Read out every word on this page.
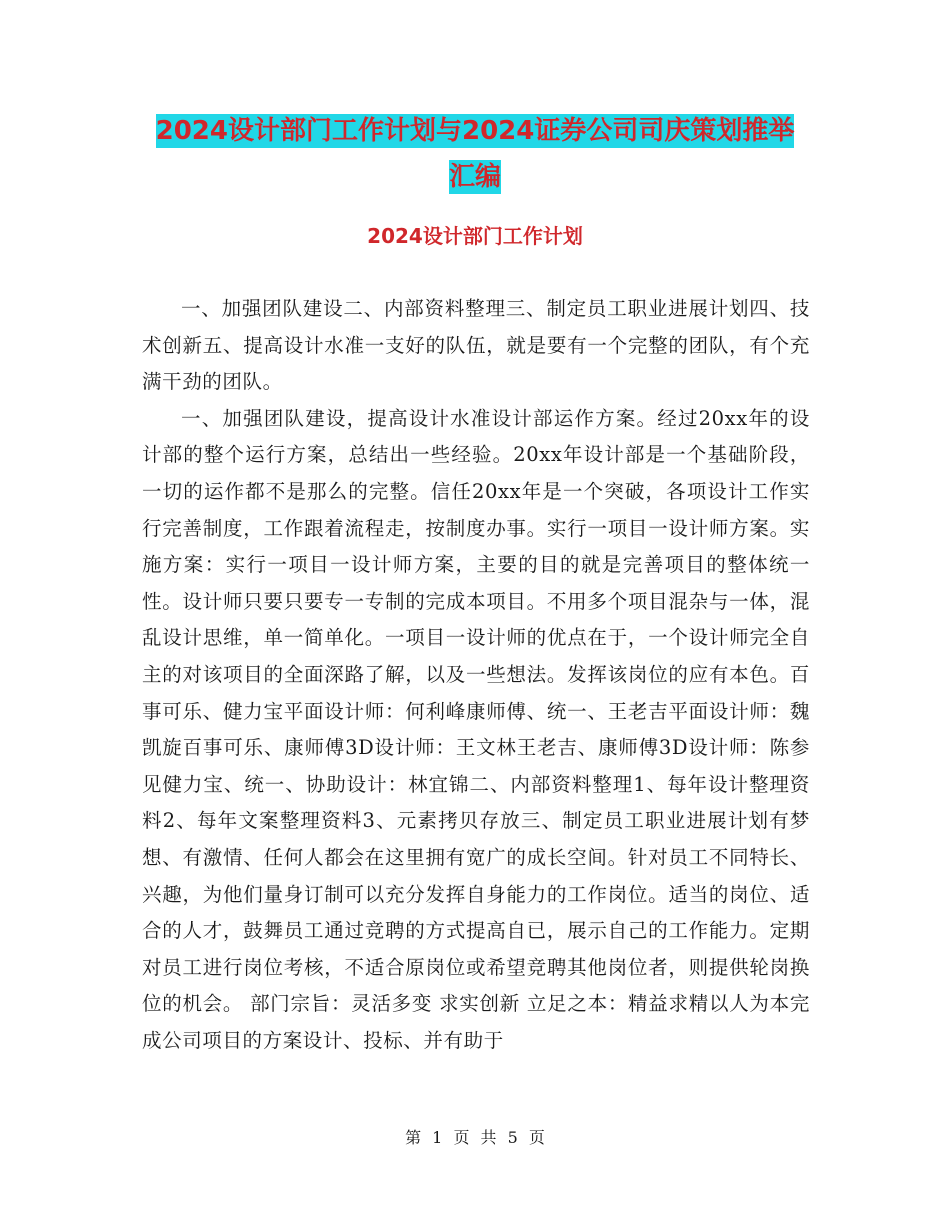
2024设计部门工作计划与2024证券公司司庆策划推举
汇编
2024设计部门工作计划

一、加强团队建设二、内部资料整理三、制定员工职业进展计划四、技术创新五、提高设计水准一支好的队伍，就是要有一个完整的团队，有个充满干劲的团队。

一、加强团队建设，提高设计水准设计部运作方案。经过20xx年的设计部的整个运行方案，总结出一些经验。20xx年设计部是一个基础阶段，一切的运作都不是那么的完整。信任20xx年是一个突破，各项设计工作实行完善制度，工作跟着流程走，按制度办事。实行一项目一设计师方案。实施方案：实行一项目一设计师方案，主要的目的就是完善项目的整体统一性。设计师只要只要专一专制的完成本项目。不用多个项目混杂与一体，混乱设计思维，单一简单化。一项目一设计师的优点在于，一个设计师完全自主的对该项目的全面深路了解，以及一些想法。发挥该岗位的应有本色。百事可乐、健力宝平面设计师：何利峰康师傅、统一、王老吉平面设计师：魏凯旋百事可乐、康师傅3D设计师：王文林王老吉、康师傅3D设计师：陈参见健力宝、统一、协助设计：林宜锦二、内部资料整理1、每年设计整理资料2、每年文案整理资料3、元素拷贝存放三、制定员工职业进展计划有梦想、有激情、任何人都会在这里拥有宽广的成长空间。针对员工不同特长、兴趣，为他们量身订制可以充分发挥自身能力的工作岗位。适当的岗位、适合的人才，鼓舞员工通过竞聘的方式提高自已，展示自己的工作能力。定期对员工进行岗位考核，不适合原岗位或希望竞聘其他岗位者，则提供轮岗换位的机会。 部门宗旨：灵活多变 求实创新 立足之本：精益求精以人为本完成公司项目的方案设计、投标、并有助于

第 1 页 共 5 页
